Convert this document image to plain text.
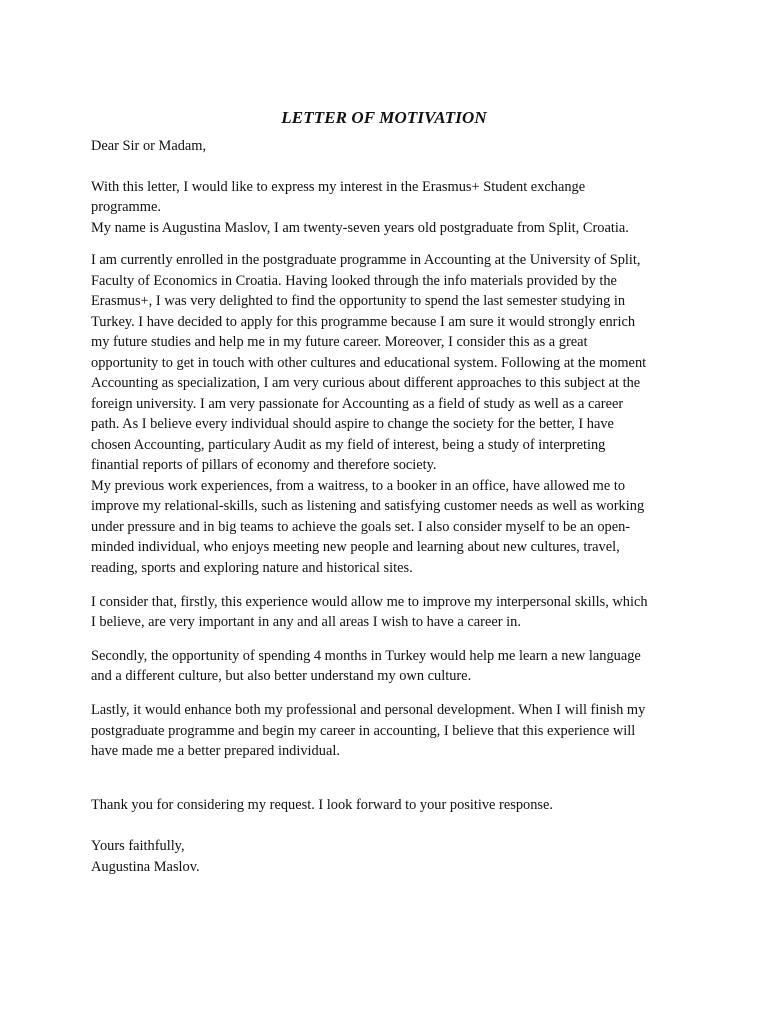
LETTER OF MOTIVATION
Dear Sir or Madam,
With this letter, I would like to express my interest in the Erasmus+ Student exchange
programme.
My name is Augustina Maslov, I am twenty-seven years old postgraduate from Split, Croatia.
I am currently enrolled in the postgraduate programme in Accounting at the University of Split,
Faculty of Economics in Croatia. Having looked through the info materials provided by the
Erasmus+, I was very delighted to find the opportunity to spend the last semester studying in
Turkey. I have decided to apply for this programme because I am sure it would strongly enrich
my future studies and help me in my future career. Moreover, I consider this as a great
opportunity to get in touch with other cultures and educational system. Following at the moment
Accounting as specialization, I am very curious about different approaches to this subject at the
foreign university. I am very passionate for Accounting as a field of study as well as a career
path. As I believe every individual should aspire to change the society for the better, I have
chosen Accounting, particulary Audit as my field of interest, being a study of interpreting
finantial reports of pillars of economy and therefore society.
My previous work experiences, from a waitress, to a booker in an office, have allowed me to
improve my relational-skills, such as listening and satisfying customer needs as well as working
under pressure and in big teams to achieve the goals set. I also consider myself to be an open-
minded individual, who enjoys meeting new people and learning about new cultures, travel,
reading, sports and exploring nature and historical sites.
I consider that, firstly, this experience would allow me to improve my interpersonal skills, which
I believe, are very important in any and all areas I wish to have a career in.
Secondly, the opportunity of spending 4 months in Turkey would help me learn a new language
and a different culture, but also better understand my own culture.
Lastly, it would enhance both my professional and personal development. When I will finish my
postgraduate programme and begin my career in accounting, I believe that this experience will
have made me a better prepared individual.
Thank you for considering my request. I look forward to your positive response.
Yours faithfully,
Augustina Maslov.
